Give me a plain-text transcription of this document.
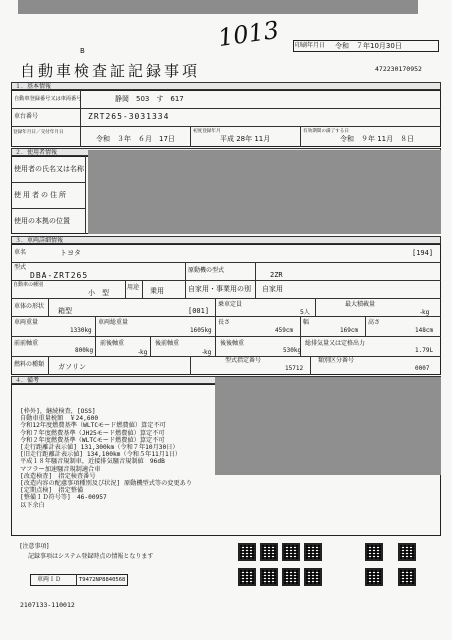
1013
B
印刷年月日 令和　７年10月30日
自動車検査証記録事項	472230170952
１．基本情報
自動車登録番号又は車両番号	静岡　503　す　617
車台番号	ZRT265-3031334
登録年月日／交付年月日
令和　３年　６月　17日
初度登録年月
平成 28年 11月
有効期間の満了する日
令和　９年 11月　８日
２．使用者情報
使用者の氏名又は名称
使用者の住所
使用の本拠の位置
３．車両詳細情報
車名	トヨタ	[194]
型式
DBA-ZRT265
原動機の型式
2ZR
自動車の種別
小　型
用途 乗用	自家用・事業用の別 自家用
車体の形状
箱型	[001]
乗車定員
5人
最大積載量
-kg
車両重量
1330kg
車両総重量
1605kg
長さ
459cm
幅
169cm
高さ
148cm
前前軸重
800kg
前後軸重
-kg
後前軸重
-kg
後後軸重
530kg
総排気量又は定格出力
1.79L
燃料の種類 ガソリン
型式指定番号
15712
類別区分番号
0007
４．備考
[枠外]，継続検査，[OSS]
自動車重量税額　￥24,600
令和12年度燃費基準（WLTCモード燃費値）算定不可
令和７年度燃費基準（JH25モード燃費値）算定不可
令和２年度燃費基準（WLTCモード燃費値）算定不可
[走行距離計表示値] 131,300km（令和７年10月30日）
[旧走行距離計表示値] 134,100km（令和５年11月1日）
平成１８年騒音規制車，近接排気騒音規制値　96dB
マフラー加速騒音規制適合車
[改造検査]　指定検査番号
[改造内容の配慮事項種別及び状況] 原動機型式等の変更あり
[定期点検]　指定整備
[整備ＩＤ符号等]　46-00957
以下余白
[注意事項]
記録事項はシステム登録時点の情報となります
車両ＩＤ	T9472NP8840568
2107133-110012
